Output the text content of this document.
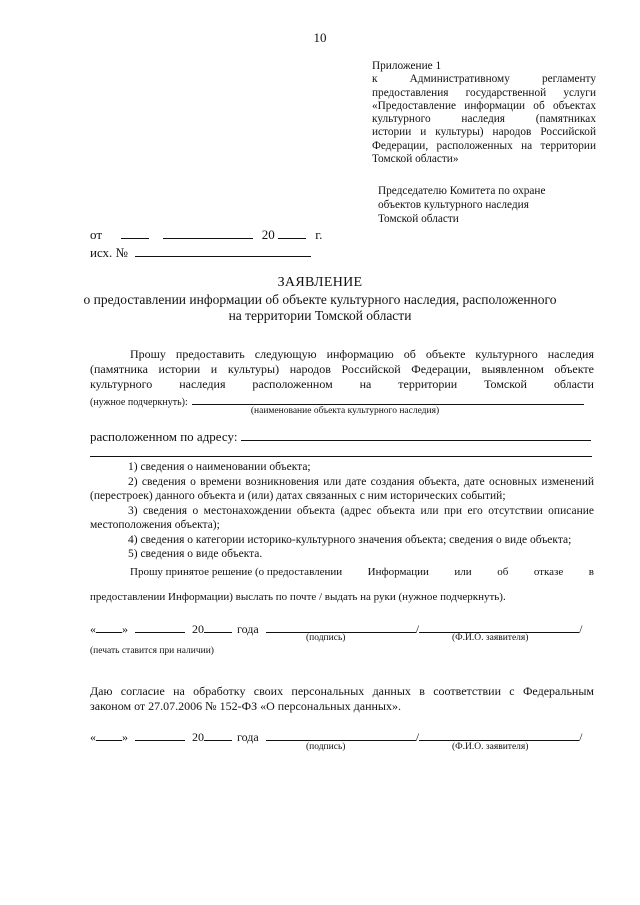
10
Приложение 1
к	Административному	регламенту
предоставления государственной услуги
«Предоставление информации об объектах
культурного	наследия	(памятниках
истории и культуры) народов Российской
Федерации, расположенных на территории
Томской области»
Председателю Комитета по охране
объектов культурного наследия
Томской области
от	20	г.
исх. №
ЗАЯВЛЕНИЕ
о предоставлении информации об объекте культурного наследия, расположенного
на территории Томской области
Прошу предоставить следующую информацию об объекте культурного наследия
(памятника истории и культуры) народов Российской Федерации, выявленном объекте
культурного наследия расположенном на территории Томской области
(нужное подчеркнуть):
(наименование объекта культурного наследия)
расположенном по адресу:
1) сведения о наименовании объекта;
2) сведения о времени возникновения или дате создания объекта, дате основных изменений
(перестроек) данного объекта и (или) датах связанных с ним исторических событий;
3) сведения о местонахождении объекта (адрес объекта или при его отсутствии описание
местоположения объекта);
4) сведения о категории историко-культурного значения объекта; сведения о виде объекта;
5) сведения о виде объекта.
Прошу принятое решение (о предоставлении Информации или об отказе в
предоставлении Информации) выслать по почте / выдать на руки (нужное подчеркнуть).
« »	20	года	/	/
(подпись)	(Ф.И.О. заявителя)
(печать ставится при наличии)
Даю согласие на обработку своих персональных данных в соответствии с Федеральным
законом от 27.07.2006 № 152-ФЗ «О персональных данных».
« »	20	года	/	/
(подпись)	(Ф.И.О. заявителя)
